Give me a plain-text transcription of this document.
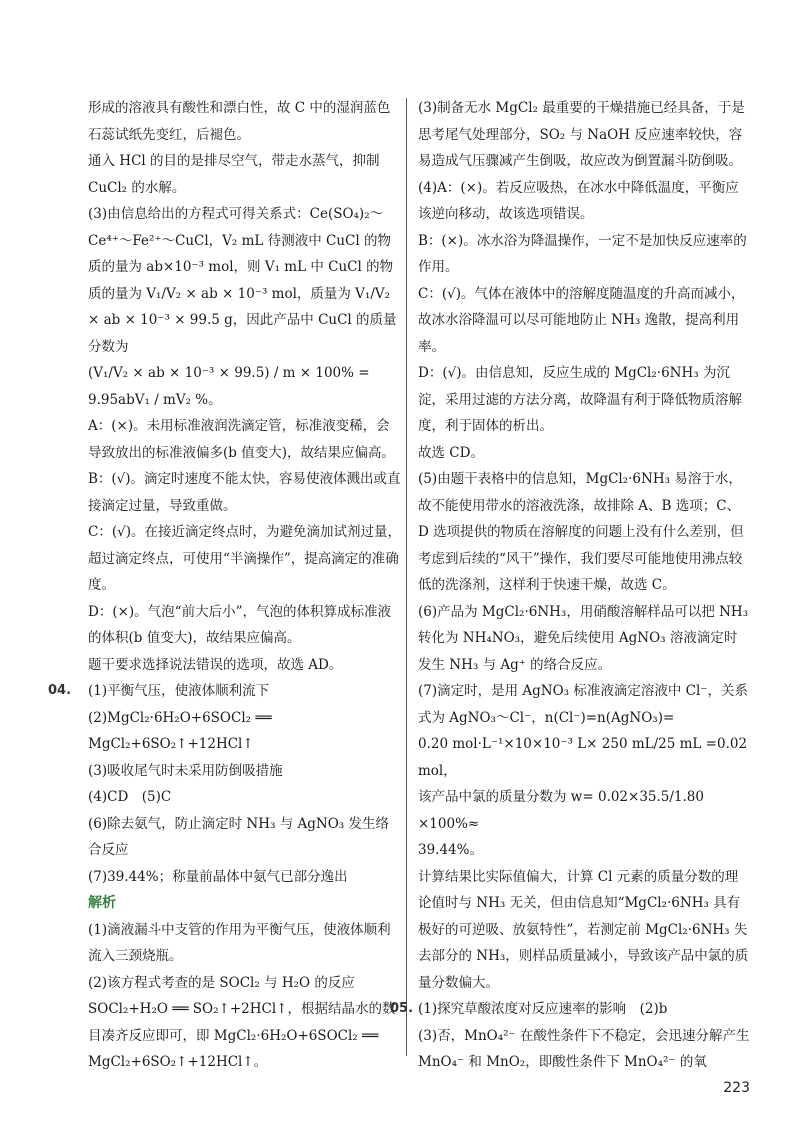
形成的溶液具有酸性和漂白性，故 C 中的湿润蓝色石蕊试纸先变红，后褪色。

通入 HCl 的目的是排尽空气，带走水蒸气，抑制 CuCl₂ 的水解。

(3)由信息给出的方程式可得关系式：Ce(SO₄)₂～Ce⁴⁺～Fe²⁺～CuCl，V₂ mL 待测液中 CuCl 的物质的量为 ab×10⁻³ mol，则 V₁ mL 中 CuCl 的物质的量为 V₁/V₂ × ab × 10⁻³ mol，质量为 V₁/V₂ × ab × 10⁻³ × 99.5 g，因此产品中 CuCl 的质量分数为

(V₁/V₂ × ab × 10⁻³ × 99.5) / m × 100% = 9.95abV₁ / mV₂ %。

A：(×)。未用标准液润洗滴定管，标准液变稀，会导致放出的标准液偏多(b 值变大)，故结果应偏高。

B：(√)。滴定时速度不能太快，容易使液体溅出或直接滴定过量，导致重做。

C：(√)。在接近滴定终点时，为避免滴加试剂过量，超过滴定终点，可使用“半滴操作”，提高滴定的准确度。

D：(×)。气泡“前大后小”，气泡的体积算成标准液的体积(b 值变大)，故结果应偏高。

题干要求选择说法错误的选项，故选 AD。

04. (1)平衡气压，使液体顺利流下

(2)MgCl₂·6H₂O+6SOCl₂ ══ MgCl₂+6SO₂↑+12HCl↑

(3)吸收尾气时未采用防倒吸措施

(4)CD　(5)C

(6)除去氨气，防止滴定时 NH₃ 与 AgNO₃ 发生络合反应

(7)39.44%；称量前晶体中氨气已部分逸出

解析

(1)滴液漏斗中支管的作用为平衡气压，使液体顺利流入三颈烧瓶。

(2)该方程式考查的是 SOCl₂ 与 H₂O 的反应 SOCl₂+H₂O ══ SO₂↑+2HCl↑，根据结晶水的数目凑齐反应即可，即 MgCl₂·6H₂O+6SOCl₂ ══ MgCl₂+6SO₂↑+12HCl↑。

(3)制备无水 MgCl₂ 最重要的干燥措施已经具备，于是思考尾气处理部分，SO₂ 与 NaOH 反应速率较快，容易造成气压骤减产生倒吸，故应改为倒置漏斗防倒吸。

(4)A：(×)。若反应吸热，在冰水中降低温度，平衡应该逆向移动，故该选项错误。

B：(×)。冰水浴为降温操作，一定不是加快反应速率的作用。

C：(√)。气体在液体中的溶解度随温度的升高而减小，故冰水浴降温可以尽可能地防止 NH₃ 逸散，提高利用率。

D：(√)。由信息知，反应生成的 MgCl₂·6NH₃ 为沉淀，采用过滤的方法分离，故降温有利于降低物质溶解度，利于固体的析出。

故选 CD。

(5)由题干表格中的信息知，MgCl₂·6NH₃ 易溶于水，故不能使用带水的溶液洗涤，故排除 A、B 选项；C、D 选项提供的物质在溶解度的问题上没有什么差别，但考虑到后续的“风干”操作，我们要尽可能地使用沸点较低的洗涤剂，这样利于快速干燥，故选 C。

(6)产品为 MgCl₂·6NH₃，用硝酸溶解样品可以把 NH₃ 转化为 NH₄NO₃，避免后续使用 AgNO₃ 溶液滴定时发生 NH₃ 与 Ag⁺ 的络合反应。

(7)滴定时，是用 AgNO₃ 标准液滴定溶液中 Cl⁻，关系式为 AgNO₃～Cl⁻，n(Cl⁻)=n(AgNO₃)=

0.20 mol·L⁻¹×10×10⁻³ L× 250 mL/25 mL =0.02 mol，

该产品中氯的质量分数为 w= 0.02×35.5/1.80 ×100%≈

39.44%。

计算结果比实际值偏大，计算 Cl 元素的质量分数的理论值时与 NH₃ 无关，但由信息知“MgCl₂·6NH₃ 具有极好的可逆吸、放氨特性”，若测定前 MgCl₂·6NH₃ 失去部分的 NH₃，则样品质量减小，导致该产品中氯的质量分数偏大。

05. (1)探究草酸浓度对反应速率的影响　(2)b

(3)否，MnO₄²⁻ 在酸性条件下不稳定，会迅速分解产生 MnO₄⁻ 和 MnO₂，即酸性条件下 MnO₄²⁻ 的氧

223
